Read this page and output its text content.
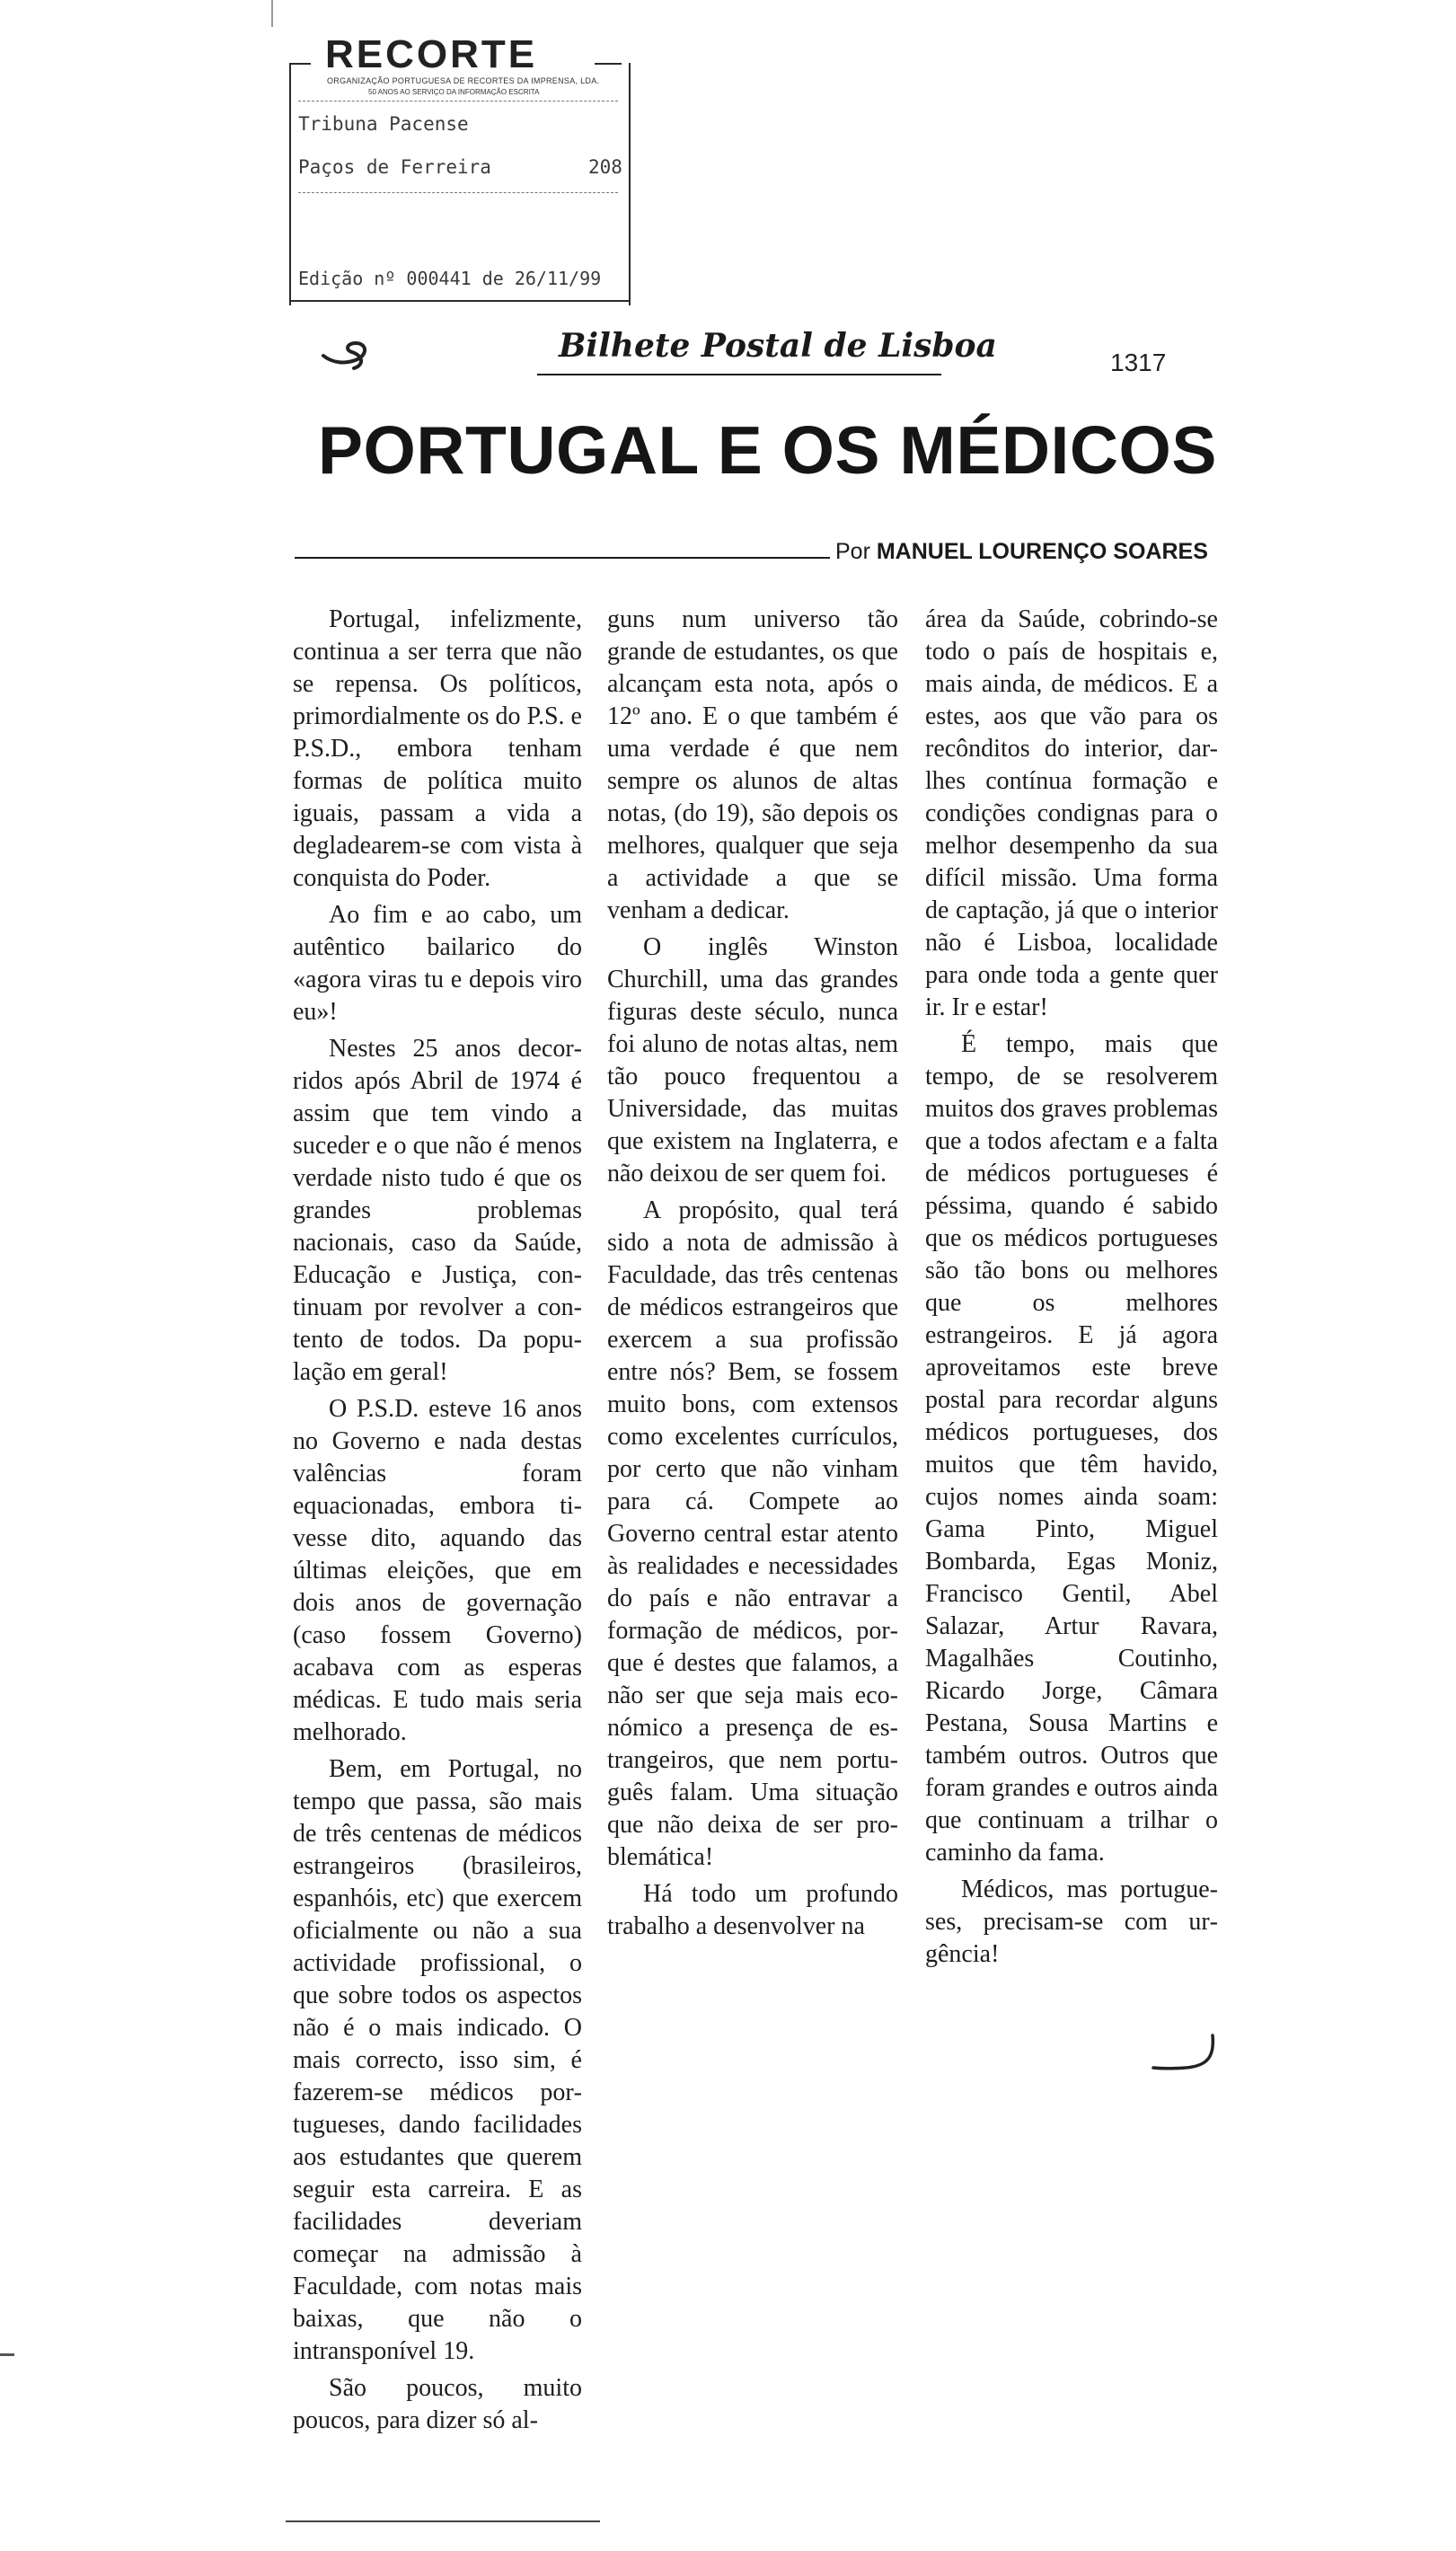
RECORTE
ORGANIZAÇÃO PORTUGUESA DE RECORTES DA IMPRENSA, LDA.
50 ANOS AO SERVIÇO DA INFORMAÇÃO ESCRITA
Tribuna Pacense
Paços de Ferreira	208
Edição nº 000441 de 26/11/99
Bilhete Postal de Lisboa	1317
PORTUGAL E OS MÉDICOS
Por MANUEL LOURENÇO SOARES

Portugal, infelizmente, continua a ser terra que não se repensa. Os políticos, primordialmente os do P.S. e P.S.D., embora tenham formas de política muito iguais, passam a vida a degladearem-se com vista à conquista do Poder.

Ao fim e ao cabo, um autêntico bailarico do «agora viras tu e depois viro eu»!

Nestes 25 anos decorridos após Abril de 1974 é assim que tem vindo a suceder e o que não é menos verdade nisto tudo é que os grandes problemas nacionais, caso da Saúde, Educação e Justiça, continuam por revolver a contento de todos. Da população em geral!

O P.S.D. esteve 16 anos no Governo e nada destas valências foram equacionadas, embora tivesse dito, aquando das últimas eleições, que em dois anos de governação (caso fossem Governo) acabava com as esperas médicas. E tudo mais seria melhorado.

Bem, em Portugal, no tempo que passa, são mais de três centenas de médicos estrangeiros (brasileiros, espanhóis, etc) que exercem oficialmente ou não a sua actividade profissional, o que sobre todos os aspectos não é o mais indicado. O mais correcto, isso sim, é fazerem-se médicos portugueses, dando facilidades aos estudantes que querem seguir esta carreira. E as facilidades deveriam começar na admissão à Faculdade, com notas mais baixas, que não o intransponível 19.

São poucos, muito poucos, para dizer só al-

guns num universo tão grande de estudantes, os que alcançam esta nota, após o 12º ano. E o que também é uma verdade é que nem sempre os alunos de altas notas, (do 19), são depois os melhores, qualquer que seja a actividade a que se venham a dedicar.

O inglês Winston Churchill, uma das grandes figuras deste século, nunca foi aluno de notas altas, nem tão pouco frequentou a Universidade, das muitas que existem na Inglaterra, e não deixou de ser quem foi.

A propósito, qual terá sido a nota de admissão à Faculdade, das três centenas de médicos estrangeiros que exercem a sua profissão entre nós? Bem, se fossem muito bons, com extensos como excelentes currículos, por certo que não vinham para cá. Compete ao Governo central estar atento às realidades e necessidades do país e não entravar a formação de médicos, porque é destes que falamos, a não ser que seja mais económico a presença de estrangeiros, que nem português falam. Uma situação que não deixa de ser problemática!

Há todo um profundo trabalho a desenvolver na

área da Saúde, cobrindo-se todo o país de hospitais e, mais ainda, de médicos. E a estes, aos que vão para os recônditos do interior, dar-lhes contínua formação e condições condignas para o melhor desempenho da sua difícil missão. Uma forma de captação, já que o interior não é Lisboa, localidade para onde toda a gente quer ir. Ir e estar!

É tempo, mais que tempo, de se resolverem muitos dos graves problemas que a todos afectam e a falta de médicos portugueses é péssima, quando é sabido que os médicos portugueses são tão bons ou melhores que os melhores estrangeiros. E já agora aproveitamos este breve postal para recordar alguns médicos portugueses, dos muitos que têm havido, cujos nomes ainda soam: Gama Pinto, Miguel Bombarda, Egas Moniz, Francisco Gentil, Abel Salazar, Artur Ravara, Magalhães Coutinho, Ricardo Jorge, Câmara Pestana, Sousa Martins e também outros. Outros que foram grandes e outros ainda que continuam a trilhar o caminho da fama.

Médicos, mas portugueses, precisam-se com urgência!
